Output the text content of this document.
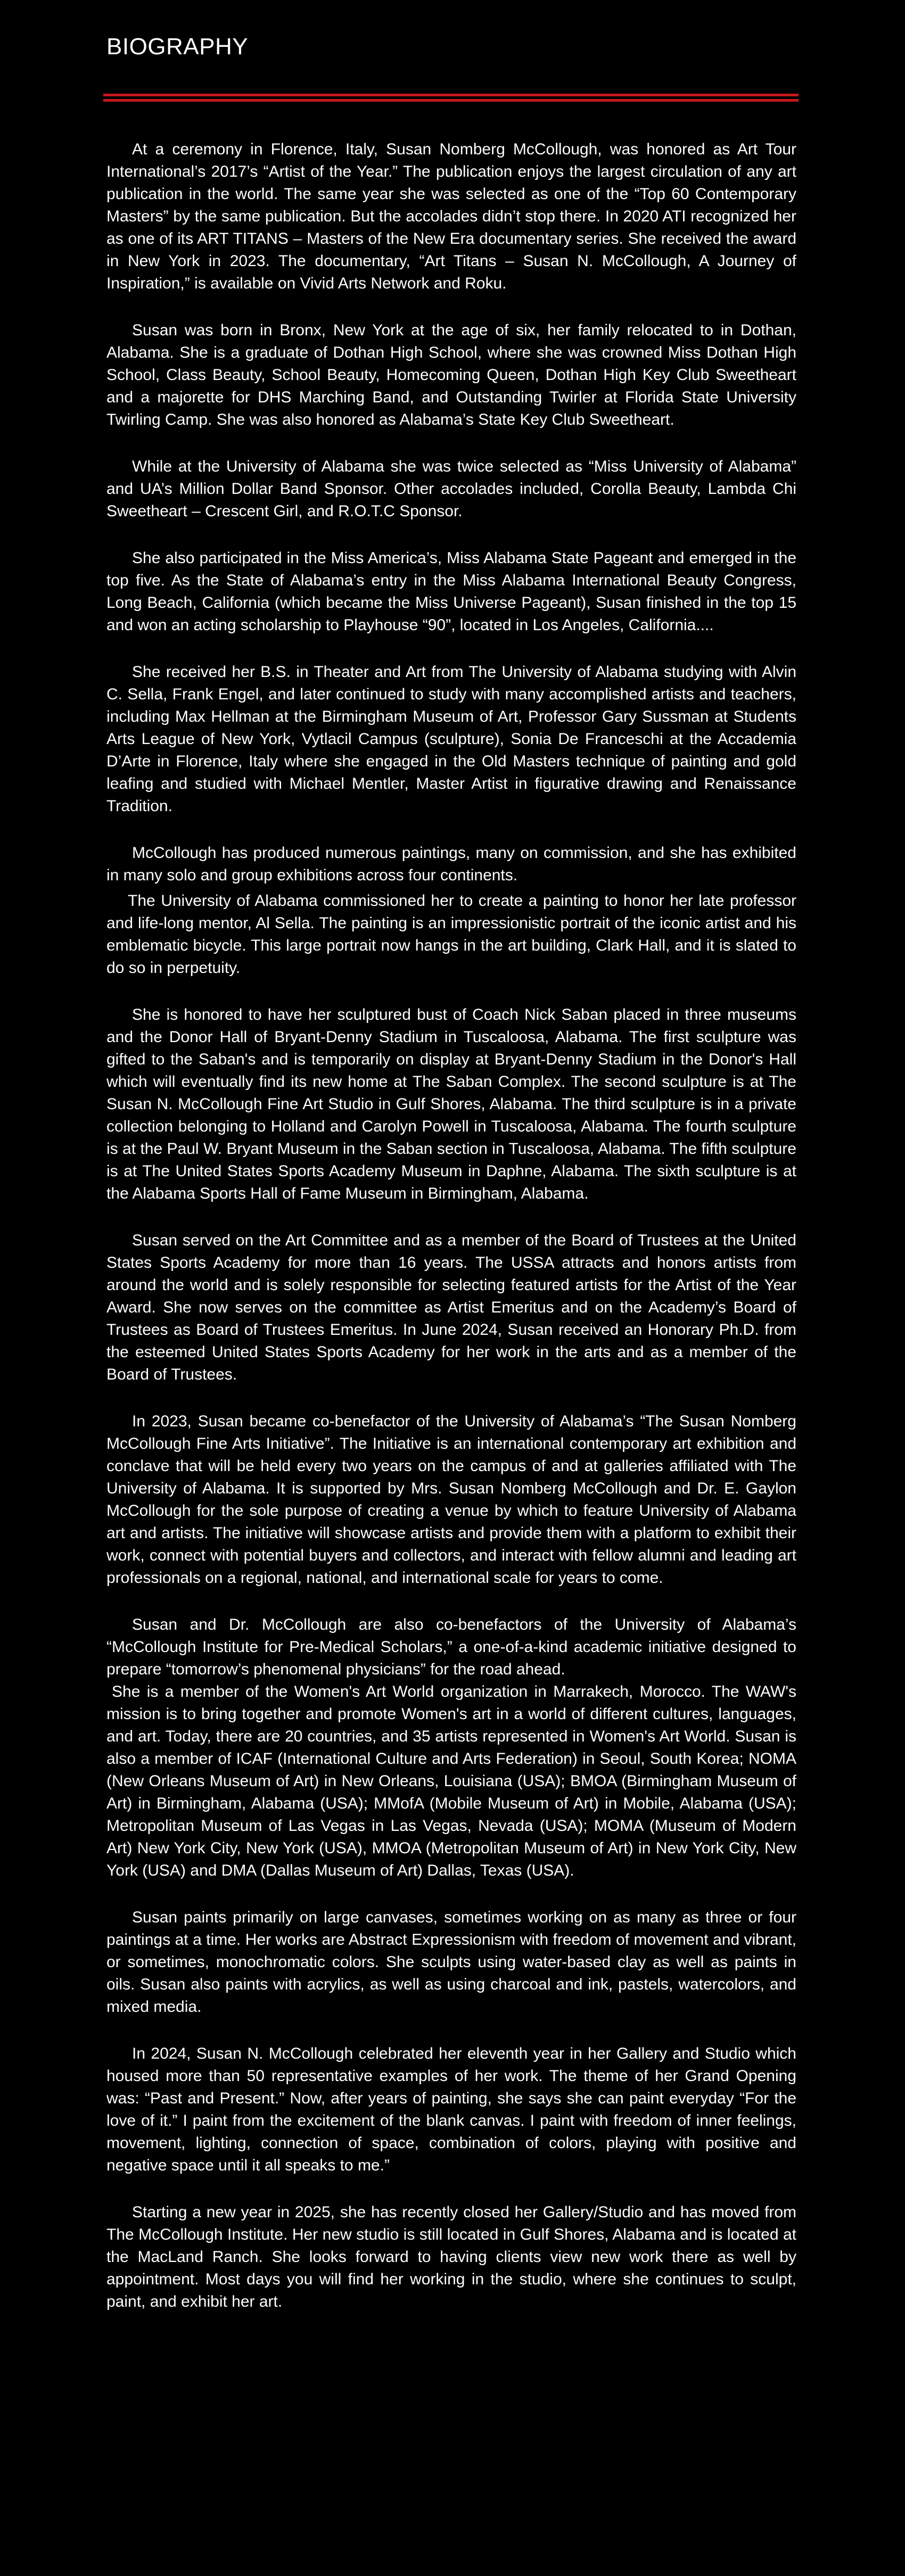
BIOGRAPHY

At a ceremony in Florence, Italy, Susan Nomberg McCollough, was honored as Art Tour International’s 2017’s “Artist of the Year.” The publication enjoys the largest circulation of any art publication in the world. The same year she was selected as one of the “Top 60 Contemporary Masters” by the same publication. But the accolades didn’t stop there. In 2020 ATI recognized her as one of its ART TITANS – Masters of the New Era documentary series. She received the award in New York in 2023. The documentary, “Art Titans – Susan N. McCollough, A Journey of Inspiration,” is available on Vivid Arts Network and Roku.

Susan was born in Bronx, New York at the age of six, her family relocated to in Dothan, Alabama. She is a graduate of Dothan High School, where she was crowned Miss Dothan High School, Class Beauty, School Beauty, Homecoming Queen, Dothan High Key Club Sweetheart and a majorette for DHS Marching Band, and Outstanding Twirler at Florida State University Twirling Camp. She was also honored as Alabama’s State Key Club Sweetheart.

While at the University of Alabama she was twice selected as “Miss University of Alabama” and UA’s Million Dollar Band Sponsor. Other accolades included, Corolla Beauty, Lambda Chi Sweetheart – Crescent Girl, and R.O.T.C Sponsor.

She also participated in the Miss America’s, Miss Alabama State Pageant and emerged in the top five. As the State of Alabama’s entry in the Miss Alabama International Beauty Congress, Long Beach, California (which became the Miss Universe Pageant), Susan finished in the top 15 and won an acting scholarship to Playhouse “90”, located in Los Angeles, California....

She received her B.S. in Theater and Art from The University of Alabama studying with Alvin C. Sella, Frank Engel, and later continued to study with many accomplished artists and teachers, including Max Hellman at the Birmingham Museum of Art, Professor Gary Sussman at Students Arts League of New York, Vytlacil Campus (sculpture), Sonia De Franceschi at the Accademia D’Arte in Florence, Italy where she engaged in the Old Masters technique of painting and gold leafing and studied with Michael Mentler, Master Artist in figurative drawing and Renaissance Tradition.

McCollough has produced numerous paintings, many on commission, and she has exhibited in many solo and group exhibitions across four continents.

The University of Alabama commissioned her to create a painting to honor her late professor and life-long mentor, Al Sella. The painting is an impressionistic portrait of the iconic artist and his emblematic bicycle. This large portrait now hangs in the art building, Clark Hall, and it is slated to do so in perpetuity.

She is honored to have her sculptured bust of Coach Nick Saban placed in three museums and the Donor Hall of Bryant-Denny Stadium in Tuscaloosa, Alabama. The first sculpture was gifted to the Saban's and is temporarily on display at Bryant-Denny Stadium in the Donor's Hall which will eventually find its new home at The Saban Complex. The second sculpture is at The Susan N. McCollough Fine Art Studio in Gulf Shores, Alabama. The third sculpture is in a private collection belonging to Holland and Carolyn Powell in Tuscaloosa, Alabama. The fourth sculpture is at the Paul W. Bryant Museum in the Saban section in Tuscaloosa, Alabama. The fifth sculpture is at The United States Sports Academy Museum in Daphne, Alabama. The sixth sculpture is at the Alabama Sports Hall of Fame Museum in Birmingham, Alabama.

Susan served on the Art Committee and as a member of the Board of Trustees at the United States Sports Academy for more than 16 years. The USSA attracts and honors artists from around the world and is solely responsible for selecting featured artists for the Artist of the Year Award. She now serves on the committee as Artist Emeritus and on the Academy’s Board of Trustees as Board of Trustees Emeritus. In June 2024, Susan received an Honorary Ph.D. from the esteemed United States Sports Academy for her work in the arts and as a member of the Board of Trustees.

In 2023, Susan became co-benefactor of the University of Alabama’s “The Susan Nomberg McCollough Fine Arts Initiative”. The Initiative is an international contemporary art exhibition and conclave that will be held every two years on the campus of and at galleries affiliated with The University of Alabama. It is supported by Mrs. Susan Nomberg McCollough and Dr. E. Gaylon McCollough for the sole purpose of creating a venue by which to feature University of Alabama art and artists. The initiative will showcase artists and provide them with a platform to exhibit their work, connect with potential buyers and collectors, and interact with fellow alumni and leading art professionals on a regional, national, and international scale for years to come.

Susan and Dr. McCollough are also co-benefactors of the University of Alabama’s “McCollough Institute for Pre-Medical Scholars,” a one-of-a-kind academic initiative designed to prepare “tomorrow’s phenomenal physicians” for the road ahead.

She is a member of the Women's Art World organization in Marrakech, Morocco. The WAW's mission is to bring together and promote Women's art in a world of different cultures, languages, and art. Today, there are 20 countries, and 35 artists represented in Women's Art World. Susan is also a member of ICAF (International Culture and Arts Federation) in Seoul, South Korea; NOMA (New Orleans Museum of Art) in New Orleans, Louisiana (USA); BMOA (Birmingham Museum of Art) in Birmingham, Alabama (USA); MMofA (Mobile Museum of Art) in Mobile, Alabama (USA); Metropolitan Museum of Las Vegas in Las Vegas, Nevada (USA); MOMA (Museum of Modern Art) New York City, New York (USA), MMOA (Metropolitan Museum of Art) in New York City, New York (USA) and DMA (Dallas Museum of Art) Dallas, Texas (USA).

Susan paints primarily on large canvases, sometimes working on as many as three or four paintings at a time. Her works are Abstract Expressionism with freedom of movement and vibrant, or sometimes, monochromatic colors. She sculpts using water-based clay as well as paints in oils. Susan also paints with acrylics, as well as using charcoal and ink, pastels, watercolors, and mixed media.

In 2024, Susan N. McCollough celebrated her eleventh year in her Gallery and Studio which housed more than 50 representative examples of her work. The theme of her Grand Opening was: “Past and Present.” Now, after years of painting, she says she can paint everyday “For the love of it.” I paint from the excitement of the blank canvas. I paint with freedom of inner feelings, movement, lighting, connection of space, combination of colors, playing with positive and negative space until it all speaks to me.”

Starting a new year in 2025, she has recently closed her Gallery/Studio and has moved from The McCollough Institute. Her new studio is still located in Gulf Shores, Alabama and is located at the MacLand Ranch. She looks forward to having clients view new work there as well by appointment. Most days you will find her working in the studio, where she continues to sculpt, paint, and exhibit her art.
